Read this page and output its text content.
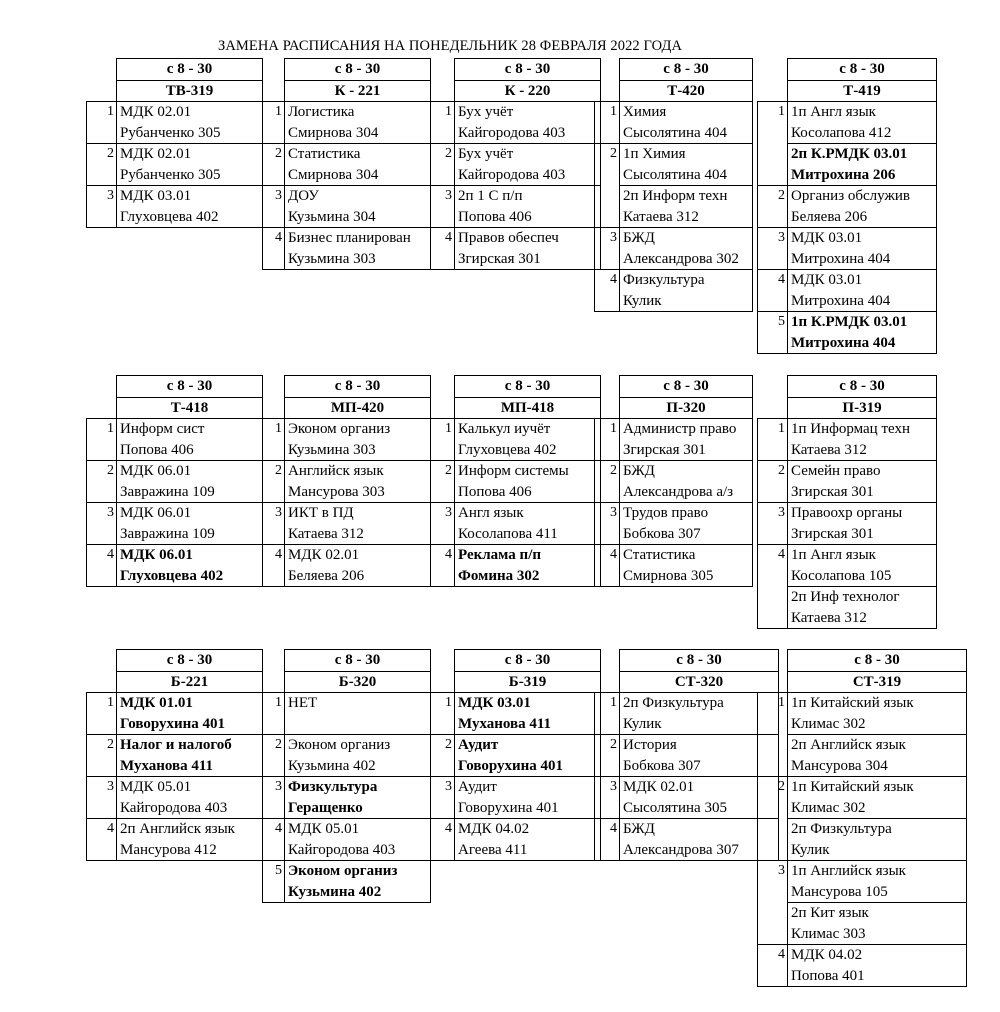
ЗАМЕНА РАСПИСАНИЯ НА ПОНЕДЕЛЬНИК 28 ФЕВРАЛЯ 2022 ГОДА
	с 8 - 30
	ТВ-319
1	МДК 02.01
	Рубанченко 305
2	МДК 02.01
	Рубанченко 305
3	МДК 03.01
	Глуховцева 402
	с 8 - 30
	К - 221
1	Логистика
	Смирнова 304
2	Статистика
	Смирнова 304
3	ДОУ
	Кузьмина 304
4	Бизнес планирован
	Кузьмина 303
	с 8 - 30
	К - 220
1	Бух учёт
	Кайгородова 403
2	Бух учёт
	Кайгородова 403
3	2п 1 С п/п
	Попова 406
4	Правов обеспеч
	Згирская 301
	с 8 - 30
	Т-420
1	Химия
	Сысолятина 404
2	1п Химия
	Сысолятина 404
	2п Информ техн
	Катаева 312
3	БЖД
	Александрова 302
4	Физкультура
	Кулик
	с 8 - 30
	Т-419
1	1п Англ язык
	Косолапова 412
	2п К.РМДК 03.01
	Митрохина 206
2	Организ обслужив
	Беляева 206
3	МДК 03.01
	Митрохина 404
4	МДК 03.01
	Митрохина 404
5	1п К.РМДК 03.01
	Митрохина 404
	с 8 - 30
	Т-418
1	Информ сист
	Попова 406
2	МДК 06.01
	Завражина 109
3	МДК 06.01
	Завражина 109
4	МДК 06.01
	Глуховцева 402
	с 8 - 30
	МП-420
1	Эконом организ
	Кузьмина 303
2	Английск язык
	Мансурова 303
3	ИКТ в ПД
	Катаева 312
4	МДК 02.01
	Беляева 206
	с 8 - 30
	МП-418
1	Калькул иучёт
	Глуховцева 402
2	Информ системы
	Попова 406
3	Англ язык
	Косолапова 411
4	Реклама п/п
	Фомина 302
	с 8 - 30
	П-320
1	Администр право
	Згирская 301
2	БЖД
	Александрова а/з
3	Трудов право
	Бобкова 307
4	Статистика
	Смирнова 305
	с 8 - 30
	П-319
1	1п Информац техн
	Катаева 312
2	Семейн право
	Згирская 301
3	Правоохр органы
	Згирская 301
4	1п Англ язык
	Косолапова 105
	2п Инф технолог
	Катаева 312
	с 8 - 30
	Б-221
1	МДК 01.01
	Говорухина 401
2	Налог и налогоб
	Муханова 411
3	МДК 05.01
	Кайгородова 403
4	2п Английск язык
	Мансурова 412
	с 8 - 30
	Б-320
1	НЕТ

2	Эконом организ
	Кузьмина 402
3	Физкультура
	Геращенко
4	МДК 05.01
	Кайгородова 403
5	Эконом организ
	Кузьмина 402
	с 8 - 30
	Б-319
1	МДК 03.01
	Муханова 411
2	Аудит
	Говорухина 401
3	Аудит
	Говорухина 401
4	МДК 04.02
	Агеева 411
	с 8 - 30
	СТ-320
1	2п Физкультура
	Кулик
2	История
	Бобкова 307
3	МДК 02.01
	Сысолятина 305
4	БЖД
	Александрова 307
	с 8 - 30
	СТ-319
1	1п Китайский язык
	Климас 302
	2п Английск язык
	Мансурова 304
2	1п Китайский язык
	Климас 302
	2п Физкультура
	Кулик
3	1п Английск язык
	Мансурова 105
	2п Кит язык
	Климас 303
4	МДК 04.02
	Попова 401
